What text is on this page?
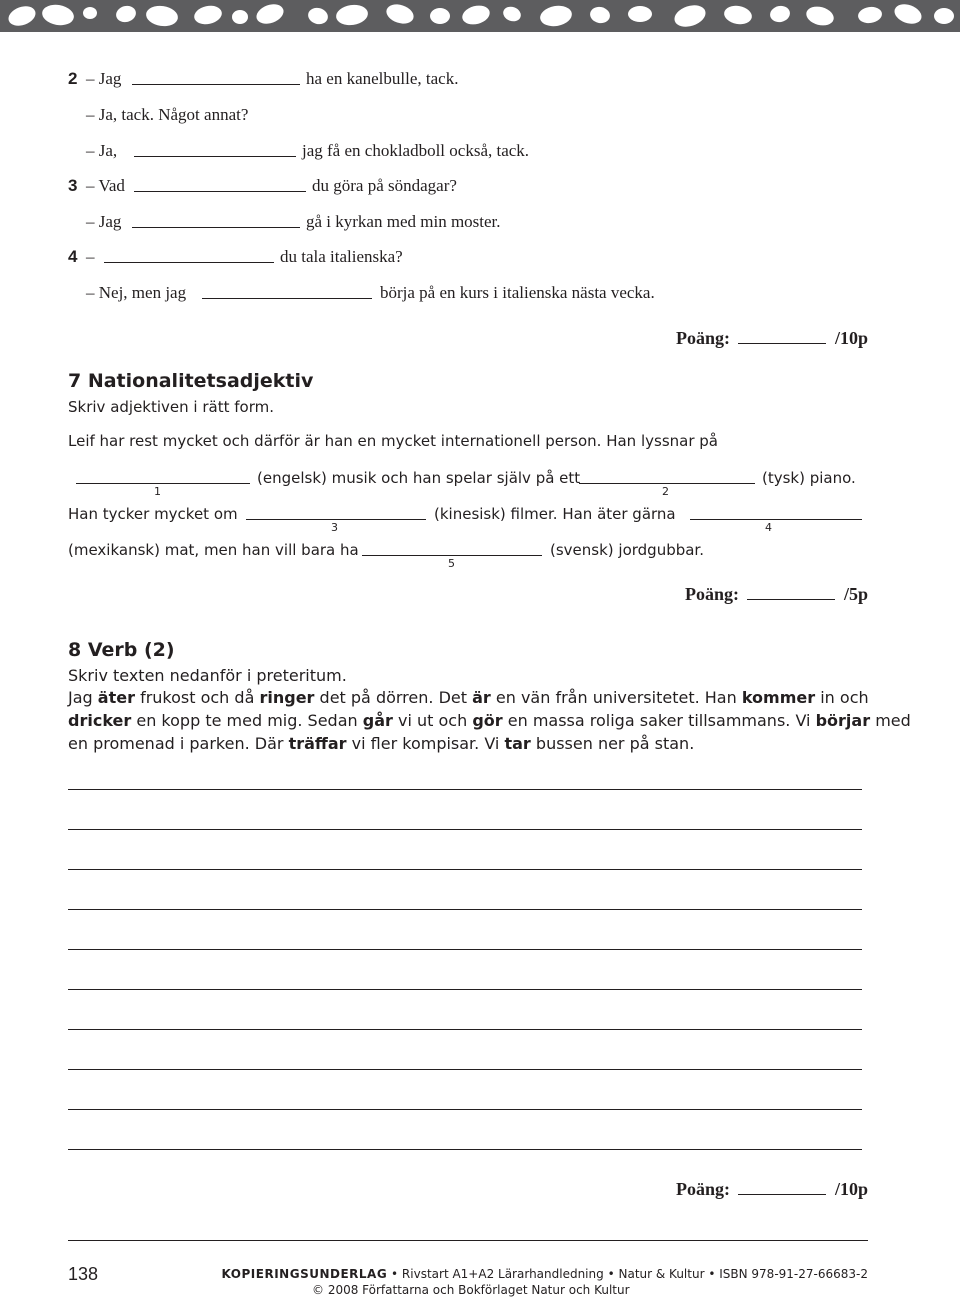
2 – Jag	ha en kanelbulle, tack.
– Ja, tack. Något annat?
– Ja,	jag få en chokladboll också, tack.
3 – Vad	du göra på söndagar?
– Jag	gå i kyrkan med min moster.
4 –	du tala italienska?
– Nej, men jag	börja på en kurs i italienska nästa vecka.
Poäng:	/10p
7 Nationalitetsadjektiv
Skriv adjektiven i rätt form.
Leif har rest mycket och därför är han en mycket internationell person. Han lyssnar på
(engelsk) musik och han spelar själv på ett	(tysk) piano.
1	2
Han tycker mycket om	(kinesisk) filmer. Han äter gärna
3	4
(mexikansk) mat, men han vill bara ha	(svensk) jordgubbar.
5
Poäng:	/5p
8 Verb (2)
Skriv texten nedanför i preteritum.
Jag äter frukost och då ringer det på dörren. Det är en vän från universitetet. Han kommer in och
dricker en kopp te med mig. Sedan går vi ut och gör en massa roliga saker tillsammans. Vi börjar med
en promenad i parken. Där träffar vi fler kompisar. Vi tar bussen ner på stan.
Poäng:	/10p
138	KOPIERINGSUNDERLAG • Rivstart A1+A2 Lärarhandledning • Natur & Kultur • ISBN 978-91-27-66683-2
© 2008 Författarna och Bokförlaget Natur och Kultur
